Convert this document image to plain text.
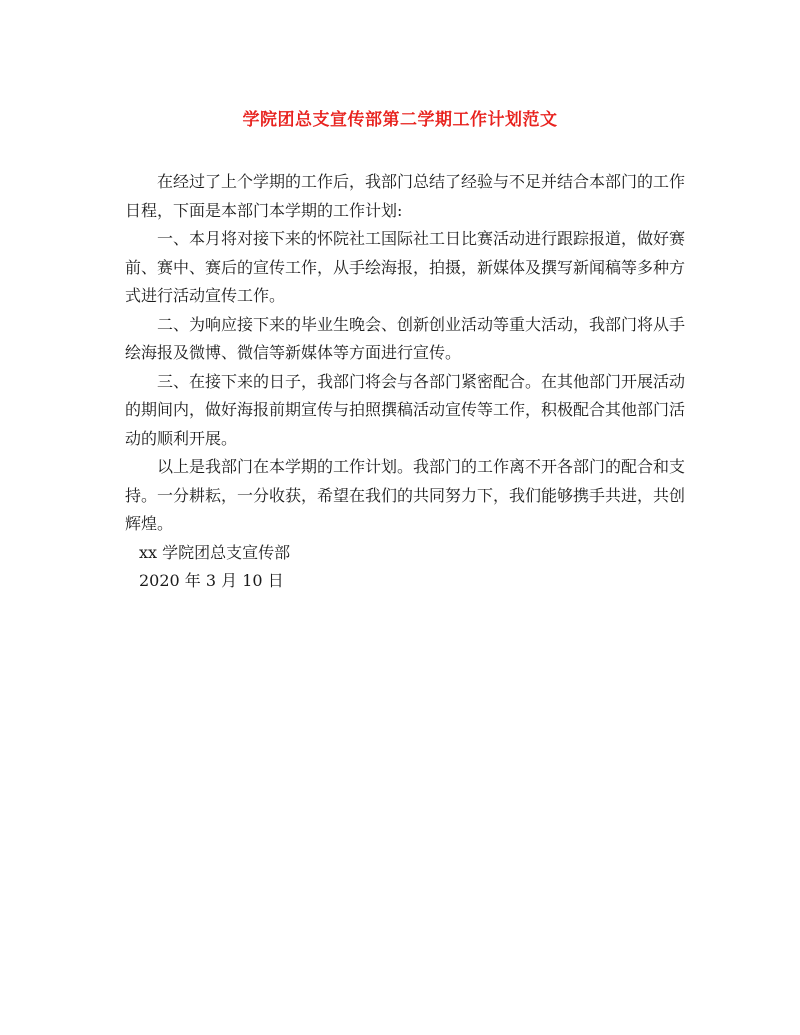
学院团总支宣传部第二学期工作计划范文

在经过了上个学期的工作后，我部门总结了经验与不足并结合本部门的工作日程，下面是本部门本学期的工作计划:

一、本月将对接下来的怀院社工国际社工日比赛活动进行跟踪报道，做好赛前、赛中、赛后的宣传工作，从手绘海报，拍摄，新媒体及撰写新闻稿等多种方式进行活动宣传工作。

二、为响应接下来的毕业生晚会、创新创业活动等重大活动，我部门将从手绘海报及微博、微信等新媒体等方面进行宣传。

三、在接下来的日子，我部门将会与各部门紧密配合。在其他部门开展活动的期间内，做好海报前期宣传与拍照撰稿活动宣传等工作，积极配合其他部门活动的顺利开展。

以上是我部门在本学期的工作计划。我部门的工作离不开各部门的配合和支持。一分耕耘，一分收获，希望在我们的共同努力下，我们能够携手共进，共创辉煌。

xx 学院团总支宣传部

2020 年 3 月 10 日
